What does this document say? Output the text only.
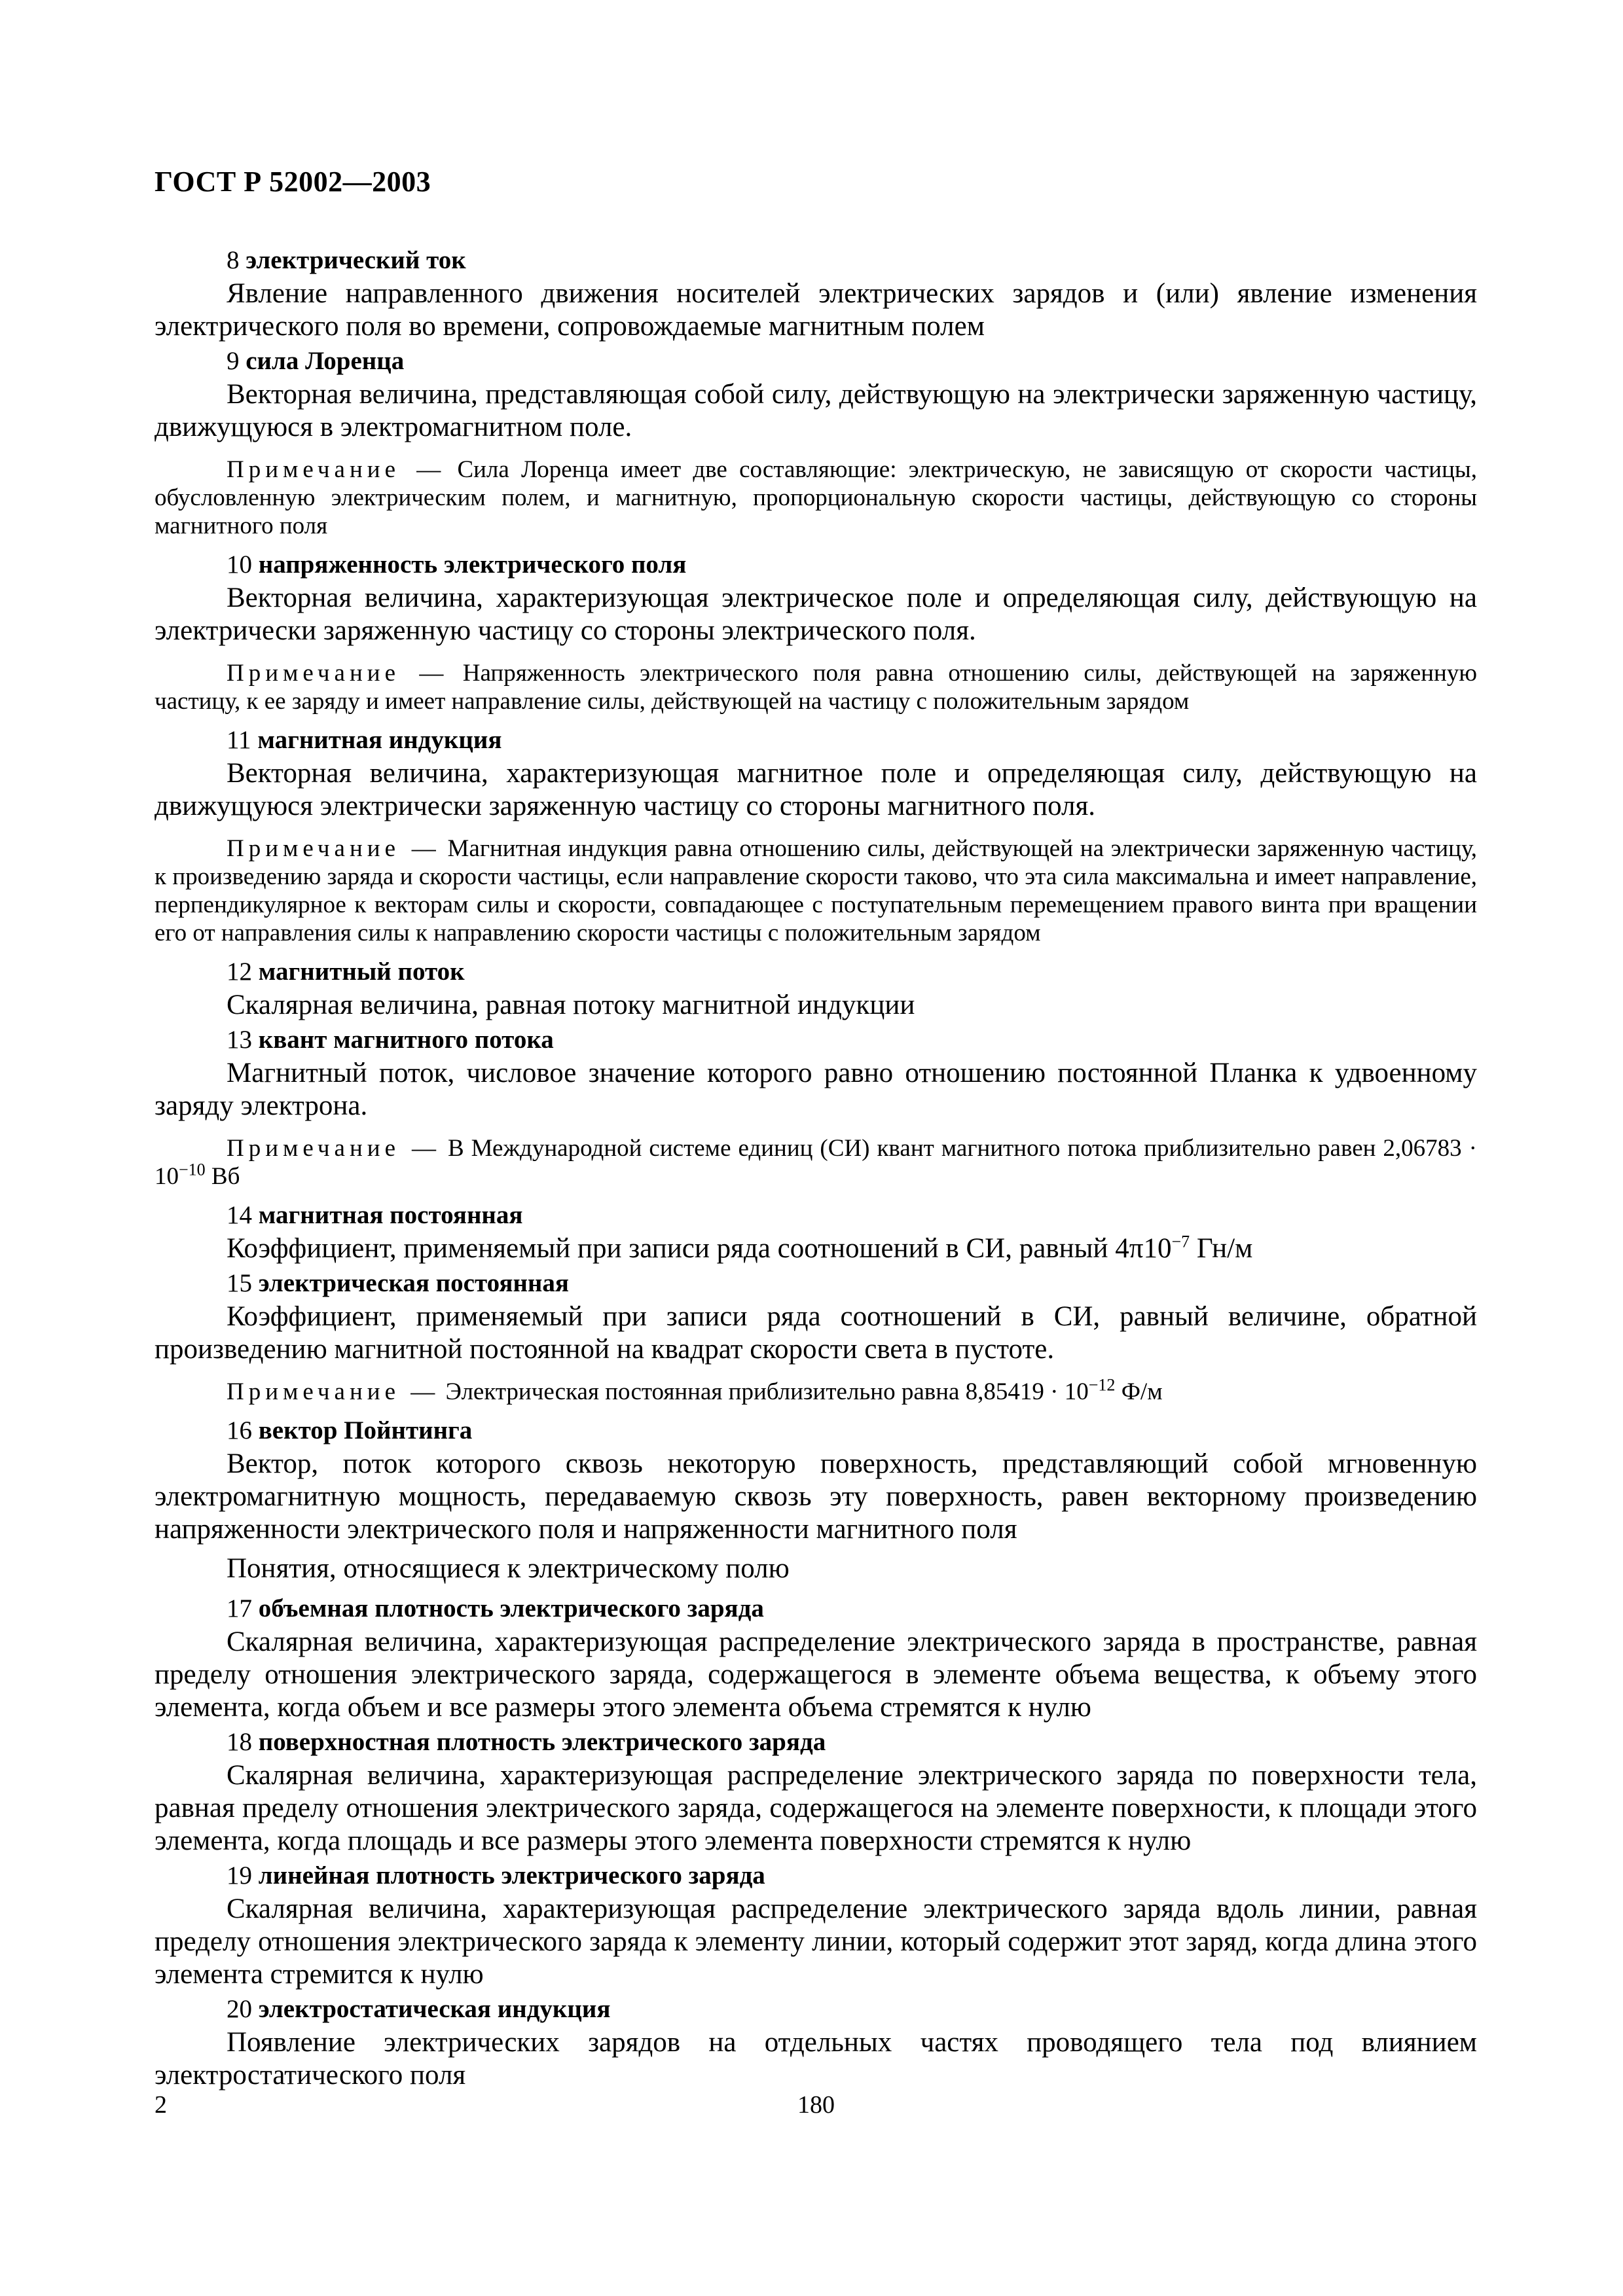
ГОСТ Р 52002—2003
8 электрический ток
Явление направленного движения носителей электрических зарядов и (или) явление изменения электрического поля во времени, сопровождаемые магнитным полем
9 сила Лоренца
Векторная величина, представляющая собой силу, действующую на электрически заряженную частицу, движущуюся в электромагнитном поле.
Примечание — Сила Лоренца имеет две составляющие: электрическую, не зависящую от скорости частицы, обусловленную электрическим полем, и магнитную, пропорциональную скорости частицы, действующую со стороны магнитного поля
10 напряженность электрического поля
Векторная величина, характеризующая электрическое поле и определяющая силу, действующую на электрически заряженную частицу со стороны электрического поля.
Примечание — Напряженность электрического поля равна отношению силы, действующей на заряженную частицу, к ее заряду и имеет направление силы, действующей на частицу с положительным зарядом
11 магнитная индукция
Векторная величина, характеризующая магнитное поле и определяющая силу, действующую на движущуюся электрически заряженную частицу со стороны магнитного поля.
Примечание — Магнитная индукция равна отношению силы, действующей на электрически заряженную частицу, к произведению заряда и скорости частицы, если направление скорости таково, что эта сила максимальна и имеет направление, перпендикулярное к векторам силы и скорости, совпадающее с поступательным перемещением правого винта при вращении его от направления силы к направлению скорости частицы с положительным зарядом
12 магнитный поток
Скалярная величина, равная потоку магнитной индукции
13 квант магнитного потока
Магнитный поток, числовое значение которого равно отношению постоянной Планка к удвоенному заряду электрона.
Примечание — В Международной системе единиц (СИ) квант магнитного потока приблизительно равен $2,06783 \cdot 10^{-10}$ Вб
14 магнитная постоянная
Коэффициент, применяемый при записи ряда соотношений в СИ, равный $4\pi 10^{-7}$ Гн/м
15 электрическая постоянная
Коэффициент, применяемый при записи ряда соотношений в СИ, равный величине, обратной произведению магнитной постоянной на квадрат скорости света в пустоте.
Примечание — Электрическая постоянная приблизительно равна $8,85419 \cdot 10^{-12}$ Ф/м
16 вектор Пойнтинга
Вектор, поток которого сквозь некоторую поверхность, представляющий собой мгновенную электромагнитную мощность, передаваемую сквозь эту поверхность, равен векторному произведению напряженности электрического поля и напряженности магнитного поля
Понятия, относящиеся к электрическому полю
17 объемная плотность электрического заряда
Скалярная величина, характеризующая распределение электрического заряда в пространстве, равная пределу отношения электрического заряда, содержащегося в элементе объема вещества, к объему этого элемента, когда объем и все размеры этого элемента объема стремятся к нулю
18 поверхностная плотность электрического заряда
Скалярная величина, характеризующая распределение электрического заряда по поверхности тела, равная пределу отношения электрического заряда, содержащегося на элементе поверхности, к площади этого элемента, когда площадь и все размеры этого элемента поверхности стремятся к нулю
19 линейная плотность электрического заряда
Скалярная величина, характеризующая распределение электрического заряда вдоль линии, равная пределу отношения электрического заряда к элементу линии, который содержит этот заряд, когда длина этого элемента стремится к нулю
20 электростатическая индукция
Появление электрических зарядов на отдельных частях проводящего тела под влиянием электростатического поля
2	180
